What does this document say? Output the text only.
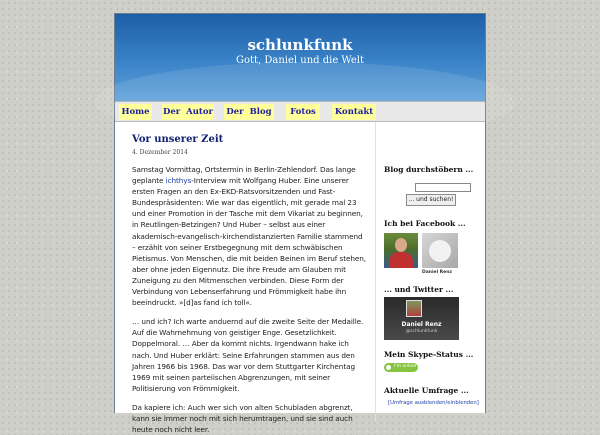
schlunkfunk
Gott, Daniel und die Welt
Home Der  Autor Der  Blog	Fotos	Kontakt
Vor unserer Zeit
4. Dezember 2014

Samstag Vormittag, Ortstermin in Berlin-Zehlendorf. Das lange geplante ichthys-Interview mit Wolfgang Huber. Eine unserer ersten Fragen an den Ex-EKD-Ratsvorsitzenden und Fast-Bundespräsidenten: Wie war das eigentlich, mit gerade mal 23 und einer Promotion in der Tasche mit dem Vikariat zu beginnen, in Reutlingen-Betzingen? Und Huber – selbst aus einer akademisch-evangelisch-kirchendistanzierten Familie stammend – erzählt von seiner Erstbegegnung mit dem schwäbischen Pietismus. Von Menschen, die mit beiden Beinen im Beruf stehen, aber ohne jeden Eigennutz. Die ihre Freude am Glauben mit Zuneigung zu den Mitmenschen verbinden. Diese Form der Verbindung von Lebenserfahrung und Frömmigkeit habe ihn beeindruckt. »[d]as fand ich toll«.

… und ich? Ich warte anduernd auf die zweite Seite der Medaille. Auf die Wahrnehmung von geistiger Enge. Gesetzlichkeit. Doppelmoral. … Aber da kommt nichts. Irgendwann hake ich nach. Und Huber erklärt: Seine Erfahrungen stammen aus den Jahren 1966 bis 1968. Das war vor dem Stuttgarter Kirchentag 1969 mit seinen parteiischen Abgrenzungen, mit seiner Politisierung von Frömmigkeit.

Da kapiere ich: Auch wer sich von alten Schubladen abgrenzt, kann sie immer noch mit sich herumtragen, und sie sind auch heute noch nicht leer.

Blog durchstöbern ...
... und suchen!
Ich bei Facebook ...
Daniel Renz
... und Twitter ...
Daniel Renz
@schlunkfunk
Mein Skype-Status ...
I'm online
Aktuelle Umfrage ...
[Umfrage ausblenden/einblenden]
